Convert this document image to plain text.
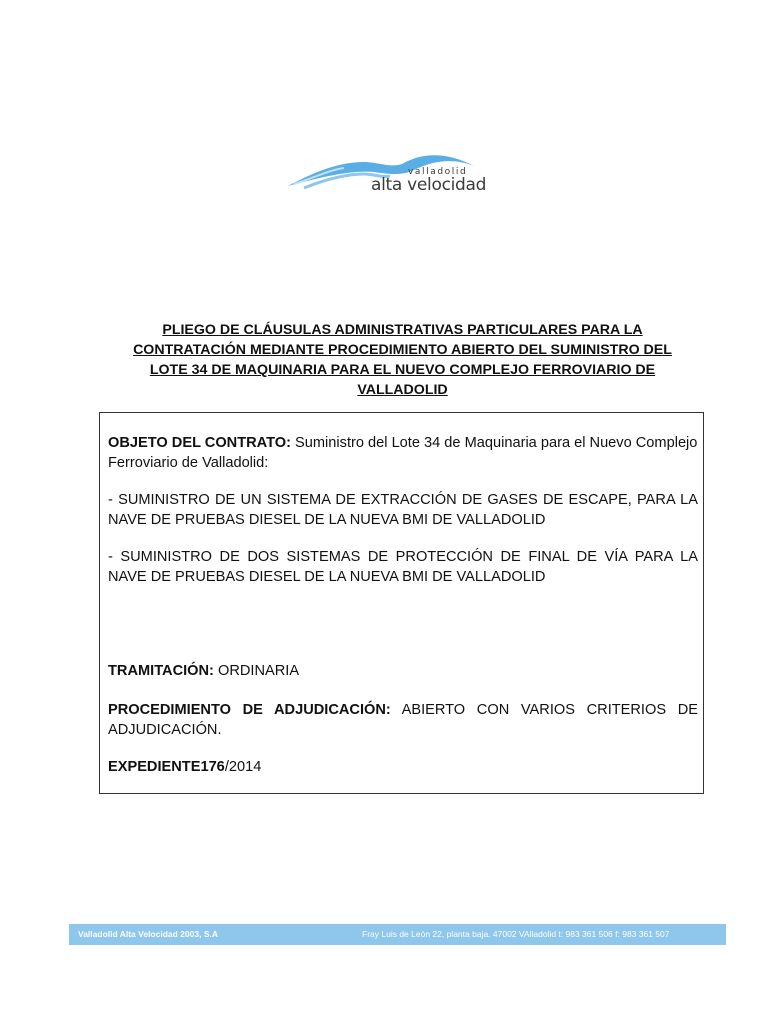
valladolid
alta velocidad
PLIEGO DE CLÁUSULAS ADMINISTRATIVAS PARTICULARES PARA LA
CONTRATACIÓN MEDIANTE PROCEDIMIENTO ABIERTO DEL SUMINISTRO DEL
LOTE 34 DE MAQUINARIA PARA EL NUEVO COMPLEJO FERROVIARIO DE
VALLADOLID
OBJETO DEL CONTRATO: Suministro del Lote 34 de Maquinaria para el Nuevo Complejo
Ferroviario de Valladolid:
- SUMINISTRO DE UN SISTEMA DE EXTRACCIÓN DE GASES DE ESCAPE, PARA LA
NAVE DE PRUEBAS DIESEL DE LA NUEVA BMI DE VALLADOLID
- SUMINISTRO DE DOS SISTEMAS DE PROTECCIÓN DE FINAL DE VÍA PARA LA
NAVE DE PRUEBAS DIESEL DE LA NUEVA BMI DE VALLADOLID
TRAMITACIÓN: ORDINARIA
PROCEDIMIENTO DE ADJUDICACIÓN: ABIERTO CON VARIOS CRITERIOS DE
ADJUDICACIÓN.
EXPEDIENTE176/2014
Valladolid Alta Velocidad 2003, S.A	Fray Luis de León 22, planta baja. 47002 VAlladolid t: 983 361 506 f: 983 361 507
